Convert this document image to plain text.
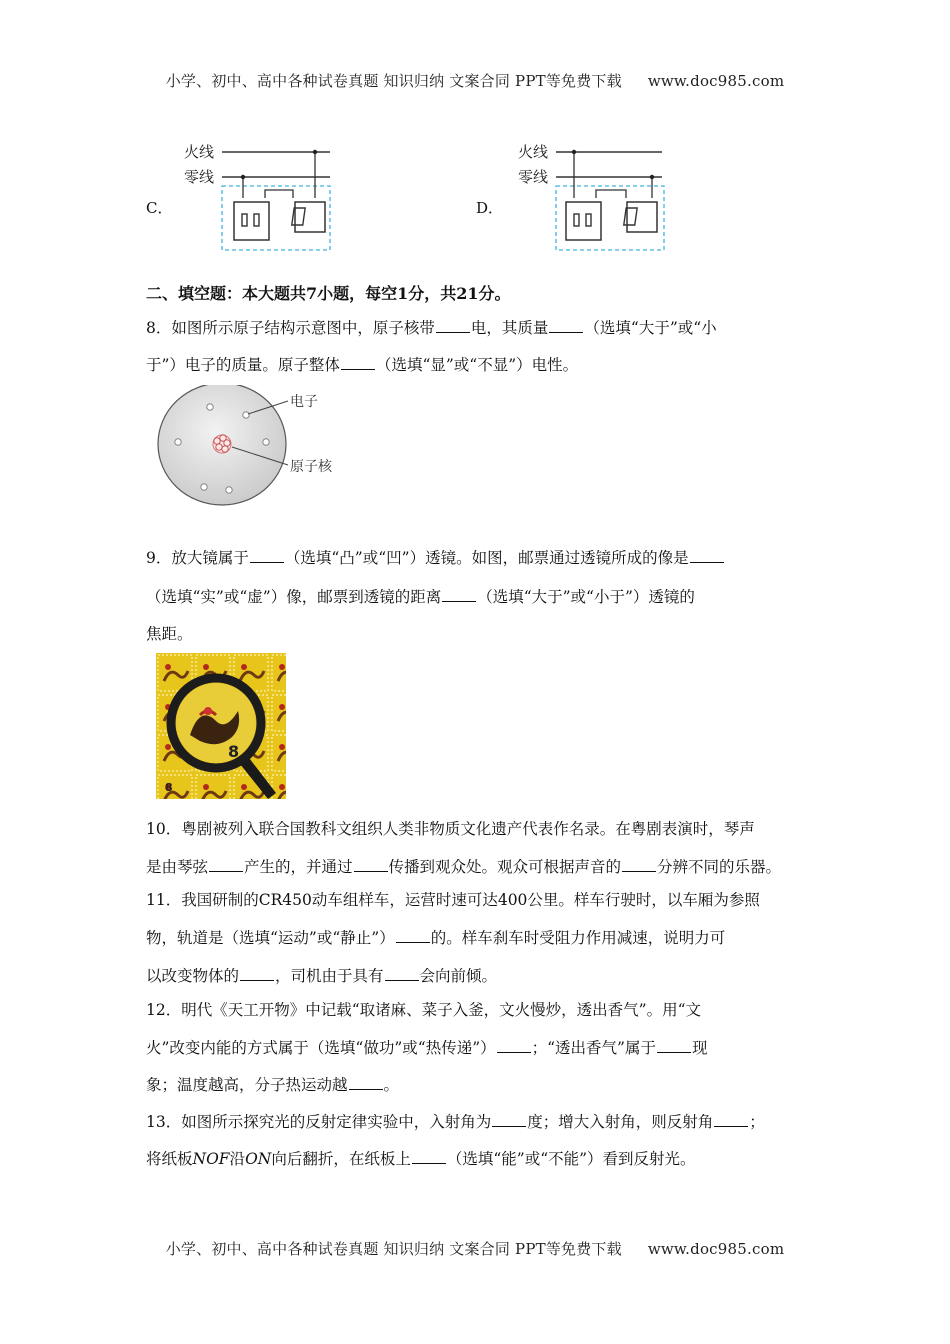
小学、初中、高中各种试卷真题 知识归纳 文案合同 PPT等免费下载 www.doc985.com
C．
火线
零线
D．
火线
零线
二、填空题：本大题共7小题，每空1分，共21分。
8．如图所示原子结构示意图中，原子核带 电，其质量 （选填“大于”或“小
于”）电子的质量。原子整体 （选填“显”或“不显”）电性。
电子
原子核
9．放大镜属于 （选填“凸”或“凹”）透镜。如图，邮票通过透镜所成的像是
（选填“实”或“虚”）像，邮票到透镜的距离 （选填“大于”或“小于”）透镜的
焦距。
8
8
10．粤剧被列入联合国教科文组织人类非物质文化遗产代表作名录。在粤剧表演时，琴声
是由琴弦 产生的，并通过 传播到观众处。观众可根据声音的 分辨不同的乐器。
11．我国研制的CR450动车组样车，运营时速可达400公里。样车行驶时，以车厢为参照
物，轨道是（选填“运动”或“静止”） 的。样车刹车时受阻力作用减速，说明力可
以改变物体的 ，司机由于具有 会向前倾。
12．明代《天工开物》中记载“取诸麻、菜子入釜，文火慢炒，透出香气”。用“文
火”改变内能的方式属于（选填“做功”或“热传递”） ；“透出香气”属于 现
象；温度越高，分子热运动越 。
13．如图所示探究光的反射定律实验中，入射角为 度；增大入射角，则反射角 ；
将纸板NOF沿ON向后翻折，在纸板上 （选填“能”或“不能”）看到反射光。
小学、初中、高中各种试卷真题 知识归纳 文案合同 PPT等免费下载 www.doc985.com
